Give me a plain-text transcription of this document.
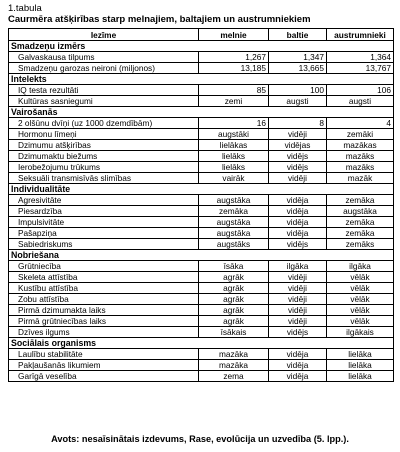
1.tabula
Caurmēra atšķirības starp melnajiem, baltajiem un austrumniekiem
Iezīme	melnie	baltie	austrumnieki
Smadzeņu izmērs			
Galvaskausa tilpums	1,267	1,347	1,364
Smadzeņu garozas neironi (miljonos)	13,185	13,665	13,767
Intelekts			
IQ testa rezultāti	85	100	106
Kultūras sasniegumi	zemi	augsti	augsti
Vairošanās			
2 olšūnu dvīņi (uz 1000 dzemdībām)	16	8	4
Hormonu līmeņi	augstāki	vidēji	zemāki
Dzimumu atšķirības	lielākas	vidējas	mazākas
Dzimumaktu biežums	lielāks	vidējs	mazāks
Ierobežojumu trūkums	lielāks	vidējs	mazāks
Seksuāli transmisīvās slimības	vairāk	vidēji	mazāk
Individualitāte			
Agresivitāte	augstāka	vidēja	zemāka
Piesardzība	zemāka	vidēja	augstāka
Impulsivitāte	augstāka	vidēja	zemāka
Pašapziņa	augstāka	vidēja	zemāka
Sabiedriskums	augstāks	vidējs	zemāks
Nobriešana			
Grūtniecība	īsāka	ilgāka	ilgāka
Skeleta attīstība	agrāk	vidēji	vēlāk
Kustību attīstība	agrāk	vidēji	vēlāk
Zobu attīstība	agrāk	vidēji	vēlāk
Pirmā dzimumakta laiks	agrāk	vidēji	vēlāk
Pirmā grūtniecības laiks	agrāk	vidēji	vēlāk
Dzīves ilgums	īsākais	vidējs	ilgākais
Sociālais organisms			
Laulību stabilitāte	mazāka	vidēja	lielāka
Pakļaušanās likumiem	mazāka	vidēja	lielāka
Garīgā veselība	zema	vidēja	lielāka
Avots: nesaīsinātais izdevums, Rase, evolūcija un uzvedība (5. lpp.).
